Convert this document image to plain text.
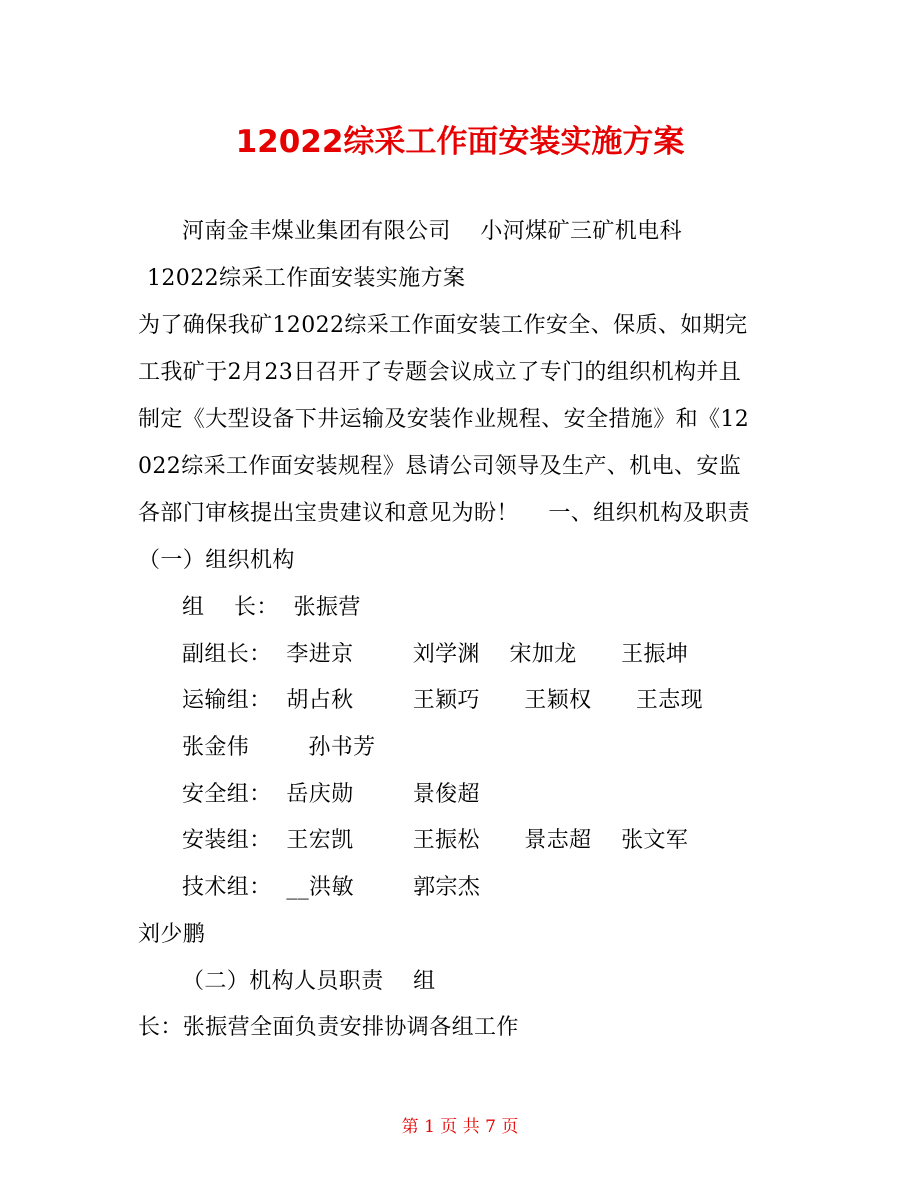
12022综采工作面安装实施方案
河南金丰煤业集团有限公司    小河煤矿三矿机电科
12022综采工作面安装实施方案
为了确保我矿12022综采工作面安装工作安全、保质、如期完
工我矿于2月23日召开了专题会议成立了专门的组织机构并且
制定《大型设备下井运输及安装作业规程、安全措施》和《12
022综采工作面安装规程》恳请公司领导及生产、机电、安监
各部门审核提出宝贵建议和意见为盼！    一、组织机构及职责
（一）组织机构
组    长：  张振营
副组长：  李进京        刘学渊    宋加龙      王振坤
运输组：  胡占秋        王颖巧      王颖权      王志现
张金伟        孙书芳
安全组：  岳庆勋        景俊超
安装组：  王宏凯        王振松      景志超    张文军
技术组：  __洪敏        郭宗杰
刘少鹏
（二）机构人员职责    组
长：张振营全面负责安排协调各组工作
第 1 页 共 7 页
